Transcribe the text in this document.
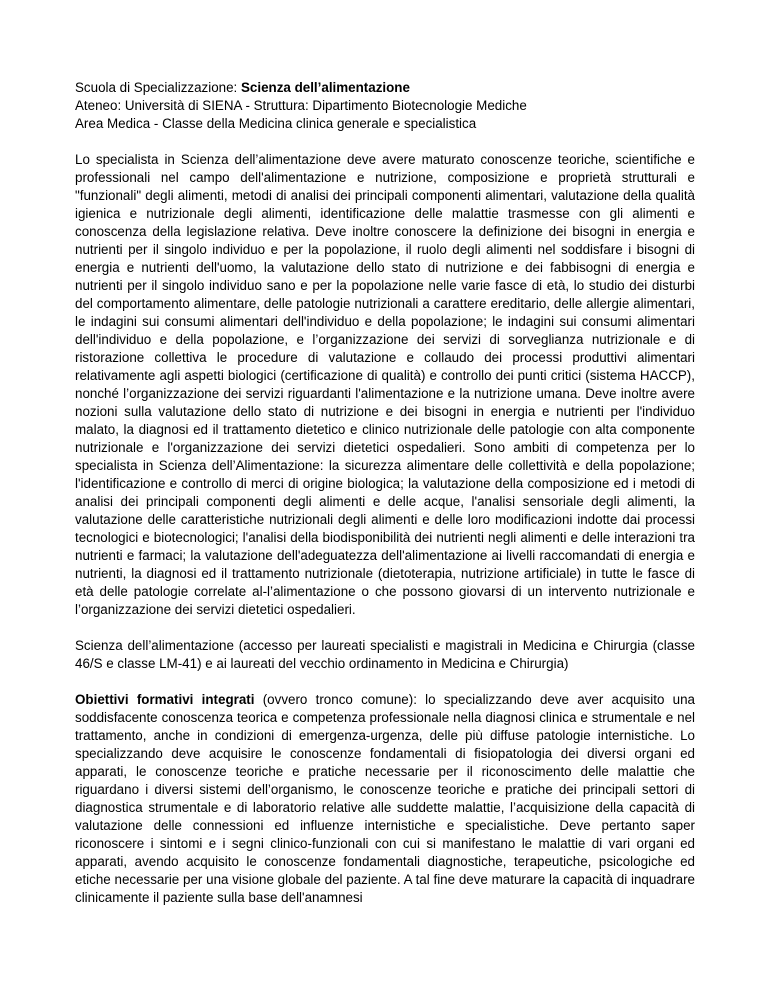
Scuola di Specializzazione: Scienza dell’alimentazione
Ateneo: Università di SIENA - Struttura: Dipartimento Biotecnologie Mediche
Area Medica - Classe della Medicina clinica generale e specialistica

Lo specialista in Scienza dell’alimentazione deve avere maturato conoscenze teoriche, scientifiche e professionali nel campo dell'alimentazione e nutrizione, composizione e proprietà strutturali e "funzionali" degli alimenti, metodi di analisi dei principali componenti alimentari, valutazione della qualità igienica e nutrizionale degli alimenti, identificazione delle malattie trasmesse con gli alimenti e conoscenza della legislazione relativa. Deve inoltre conoscere la definizione dei bisogni in energia e nutrienti per il singolo individuo e per la popolazione, il ruolo degli alimenti nel soddisfare i bisogni di energia e nutrienti dell'uomo, la valutazione dello stato di nutrizione e dei fabbisogni di energia e nutrienti per il singolo individuo sano e per la popolazione nelle varie fasce di età, lo studio dei disturbi del comportamento alimentare, delle patologie nutrizionali a carattere ereditario, delle allergie alimentari, le indagini sui consumi alimentari dell'individuo e della popolazione; le indagini sui consumi alimentari dell'individuo e della popolazione, e l’organizzazione dei servizi di sorveglianza nutrizionale e di ristorazione collettiva le procedure di valutazione e collaudo dei processi produttivi alimentari relativamente agli aspetti biologici (certificazione di qualità) e controllo dei punti critici (sistema HACCP), nonché l’organizzazione dei servizi riguardanti l'alimentazione e la nutrizione umana. Deve inoltre avere nozioni sulla valutazione dello stato di nutrizione e dei bisogni in energia e nutrienti per l'individuo malato, la diagnosi ed il trattamento dietetico e clinico nutrizionale delle patologie con alta componente nutrizionale e l'organizzazione dei servizi dietetici ospedalieri. Sono ambiti di competenza per lo specialista in Scienza dell’Alimentazione: la sicurezza alimentare delle collettività e della popolazione; l'identificazione e controllo di merci di origine biologica; la valutazione della composizione ed i metodi di analisi dei principali componenti degli alimenti e delle acque, l'analisi sensoriale degli alimenti, la valutazione delle caratteristiche nutrizionali degli alimenti e delle loro modificazioni indotte dai processi tecnologici e biotecnologici; l'analisi della biodisponibilità dei nutrienti negli alimenti e delle interazioni tra nutrienti e farmaci; la valutazione dell'adeguatezza dell'alimentazione ai livelli raccomandati di energia e nutrienti, la diagnosi ed il trattamento nutrizionale (dietoterapia, nutrizione artificiale) in tutte le fasce di età delle patologie correlate al-l’alimentazione o che possono giovarsi di un intervento nutrizionale e l’organizzazione dei servizi dietetici ospedalieri.

Scienza dell’alimentazione (accesso per laureati specialisti e magistrali in Medicina e Chirurgia (classe 46/S e classe LM-41) e ai laureati del vecchio ordinamento in Medicina e Chirurgia)

Obiettivi formativi integrati (ovvero tronco comune): lo specializzando deve aver acquisito una soddisfacente conoscenza teorica e competenza professionale nella diagnosi clinica e strumentale e nel trattamento, anche in condizioni di emergenza-urgenza, delle più diffuse patologie internistiche. Lo specializzando deve acquisire le conoscenze fondamentali di fisiopatologia dei diversi organi ed apparati, le conoscenze teoriche e pratiche necessarie per il riconoscimento delle malattie che riguardano i diversi sistemi dell’organismo, le conoscenze teoriche e pratiche dei principali settori di diagnostica strumentale e di laboratorio relative alle suddette malattie, l’acquisizione della capacità di valutazione delle connessioni ed influenze internistiche e specialistiche. Deve pertanto saper riconoscere i sintomi e i segni clinico-funzionali con cui si manifestano le malattie di vari organi ed apparati, avendo acquisito le conoscenze fondamentali diagnostiche, terapeutiche, psicologiche ed etiche necessarie per una visione globale del paziente. A tal fine deve maturare la capacità di inquadrare clinicamente il paziente sulla base dell'anamnesi
